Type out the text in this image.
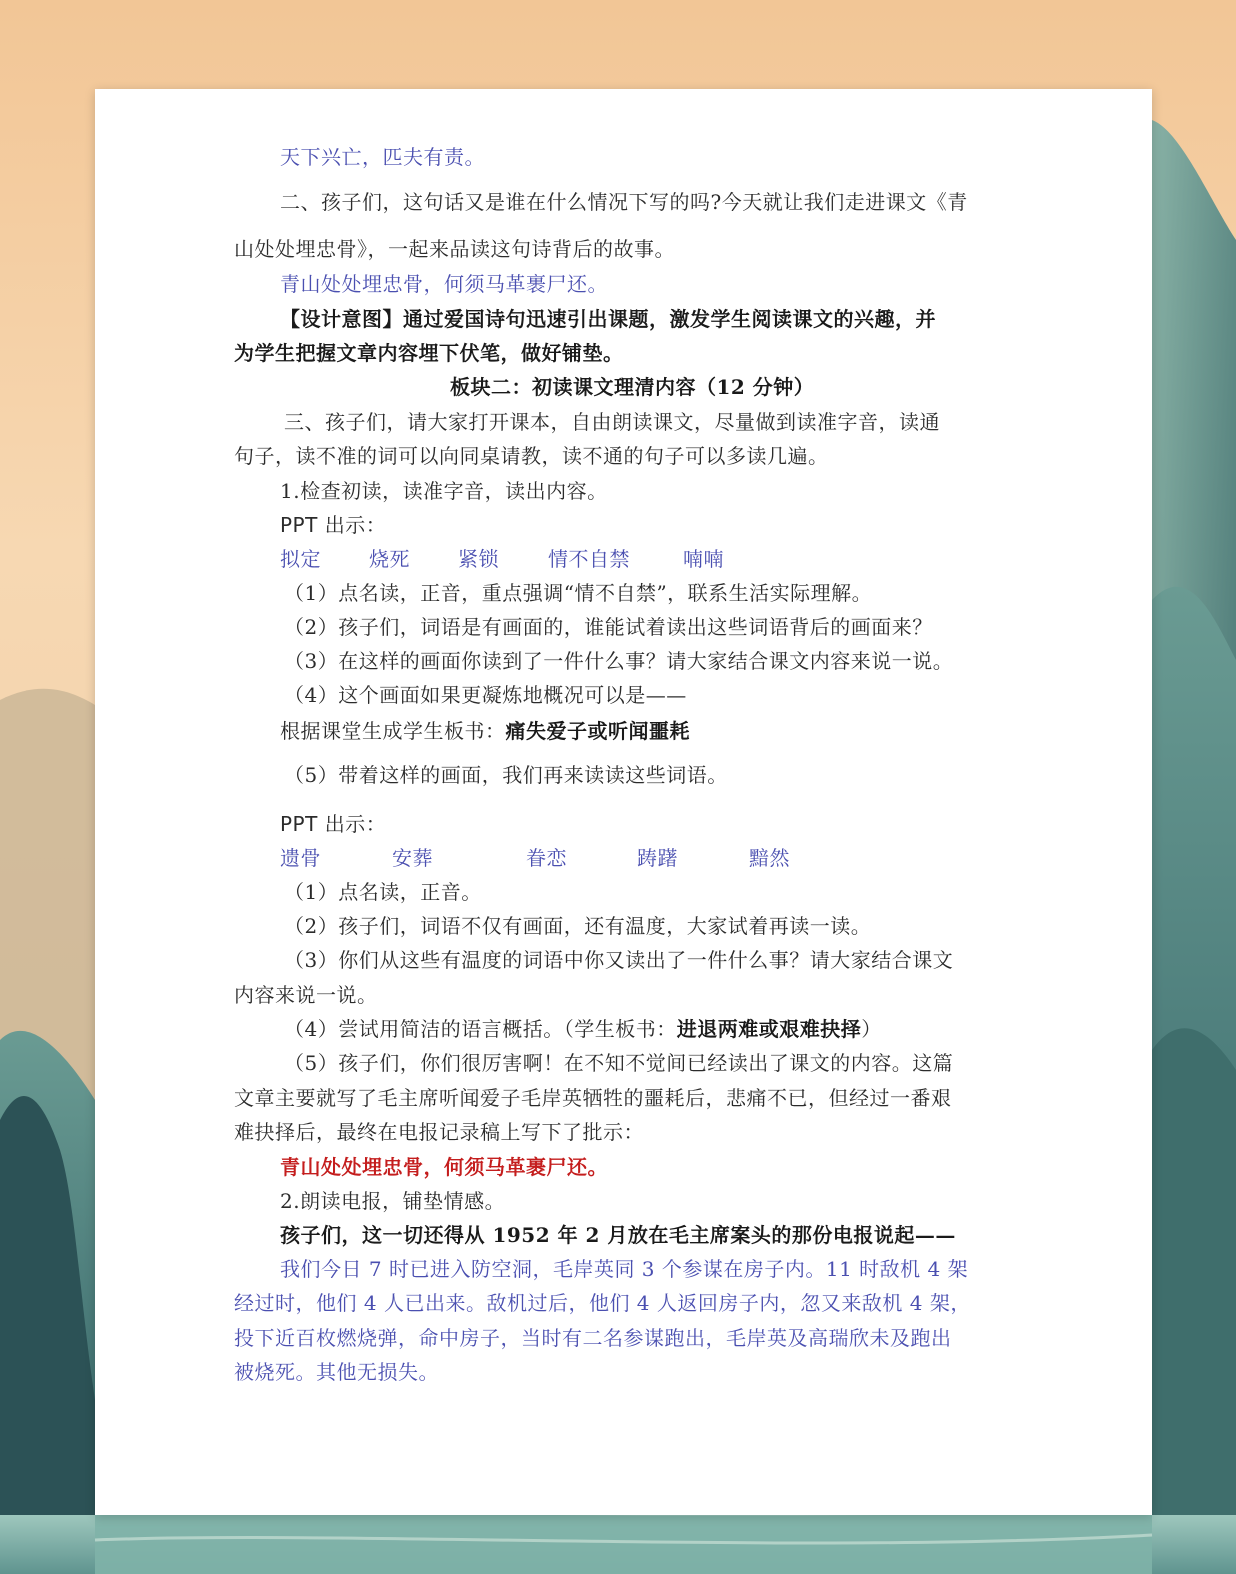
天下兴亡，匹夫有责。
二、孩子们，这句话又是谁在什么情况下写的吗?今天就让我们走进课文《青
山处处埋忠骨》，一起来品读这句诗背后的故事。
青山处处埋忠骨，何须马革裹尸还。
【设计意图】通过爱国诗句迅速引出课题，激发学生阅读课文的兴趣，并
为学生把握文章内容埋下伏笔，做好铺垫。
板块二：初读课文理清内容（12 分钟）
三、孩子们，请大家打开课本，自由朗读课文，尽量做到读准字音，读通
句子，读不准的词可以向同桌请教，读不通的句子可以多读几遍。
1.检查初读，读准字音，读出内容。
PPT 出示：
拟定 烧死 紧锁 情不自禁	喃喃
（1）点名读，正音，重点强调“情不自禁”，联系生活实际理解。
（2）孩子们，词语是有画面的，谁能试着读出这些词语背后的画面来？
（3）在这样的画面你读到了一件什么事？请大家结合课文内容来说一说。
（4）这个画面如果更凝炼地概况可以是——
根据课堂生成学生板书：痛失爱子或听闻噩耗
（5）带着这样的画面，我们再来读读这些词语。
PPT 出示：
遗骨	安葬	眷恋	踌躇	黯然
（1）点名读，正音。
（2）孩子们，词语不仅有画面，还有温度，大家试着再读一读。
（3）你们从这些有温度的词语中你又读出了一件什么事？请大家结合课文
内容来说一说。
（4）尝试用简洁的语言概括。（学生板书：进退两难或艰难抉择）
（5）孩子们，你们很厉害啊！在不知不觉间已经读出了课文的内容。这篇
文章主要就写了毛主席听闻爱子毛岸英牺牲的噩耗后，悲痛不已，但经过一番艰
难抉择后，最终在电报记录稿上写下了批示：
青山处处埋忠骨，何须马革裹尸还。
2.朗读电报，铺垫情感。
孩子们，这一切还得从 1952 年 2 月放在毛主席案头的那份电报说起——
我们今日 7 时已进入防空洞，毛岸英同 3 个参谋在房子内。11 时敌机 4 架
经过时，他们 4 人已出来。敌机过后，他们 4 人返回房子内，忽又来敌机 4 架，
投下近百枚燃烧弹，命中房子，当时有二名参谋跑出，毛岸英及高瑞欣未及跑出
被烧死。其他无损失。
